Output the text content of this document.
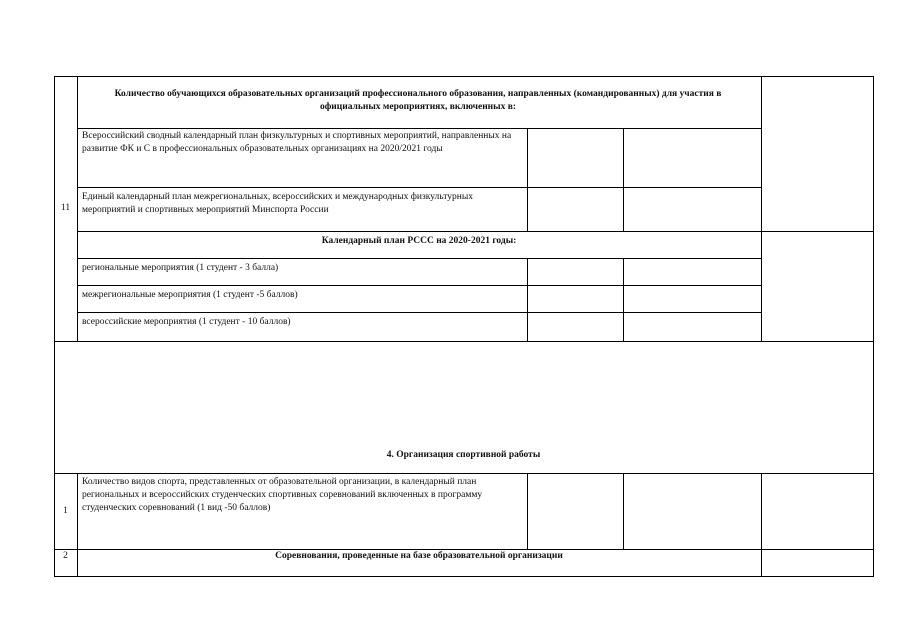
11
Количество обучающихся образовательных организаций профессионального образования, направленных (командированных) для участия в официальных мероприятиях, включенных в:
Всероссийский сводный календарный план физкультурных и спортивных мероприятий, направленных на развитие ФК и С в профессиональных образовательных организациях на 2020/2021 годы
Единый календарный план межрегиональных, всероссийских и международных физкультурных мероприятий и спортивных мероприятий Минспорта России
Календарный план РССС на 2020-2021 годы:
региональные мероприятия (1 студент - 3 балла)
межрегиональные мероприятия (1 студент -5 баллов)
всероссийские мероприятия (1 студент - 10 баллов)
4. Организация спортивной работы
1
Количество видов спорта, представленных от образовательной организации, в календарный план региональных и всероссийских студенческих спортивных соревнований включенных в программу студенческих соревнований (1 вид -50 баллов)
2	Соревнования, проведенные на базе образовательной организации
